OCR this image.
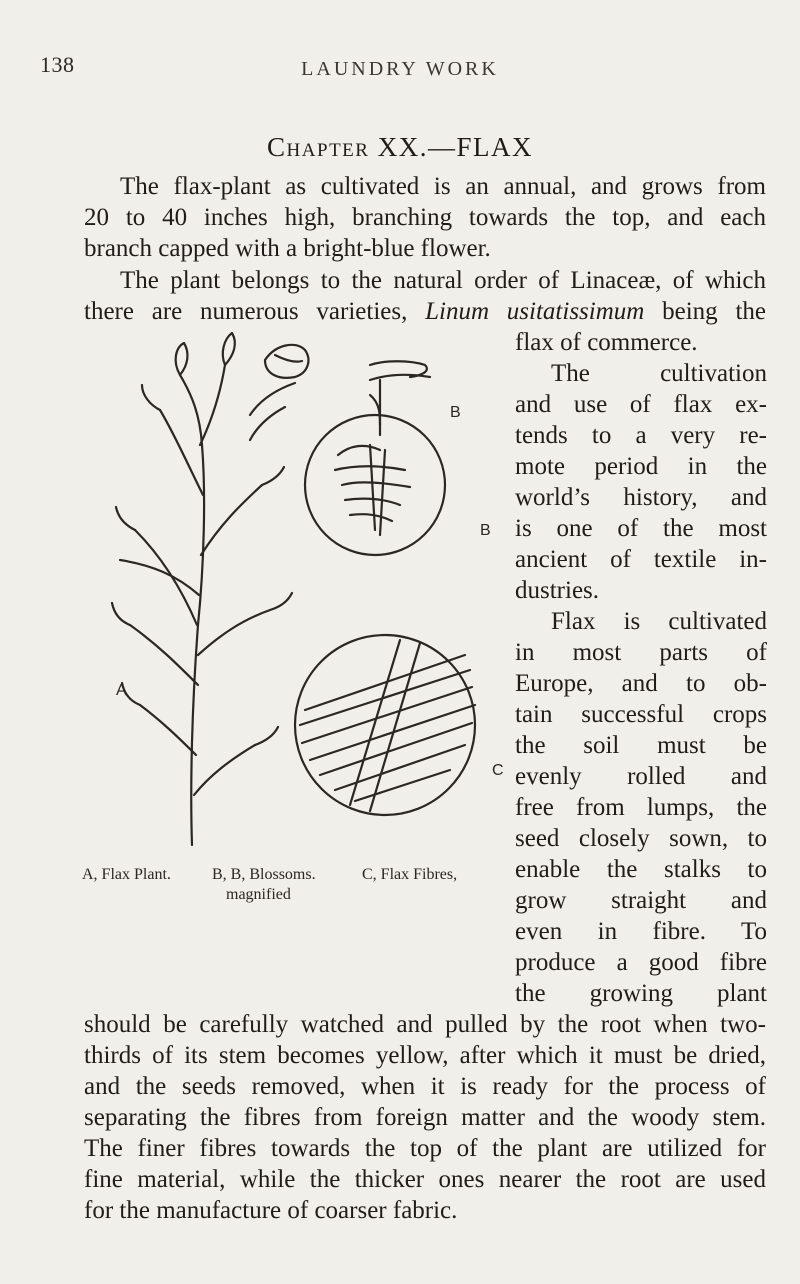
138	LAUNDRY WORK
Chapter XX.—FLAX
The flax-plant as cultivated is an annual, and grows from
20 to 40 inches high, branching towards the top, and each
branch capped with a bright-blue flower.
The plant belongs to the natural order of Linaceæ, of which
there are numerous varieties, Linum usitatissimum being the
flax of commerce.
The cultivation
and use of flax ex-
tends to a very re-
mote period in the
world’s history, and
is one of the most
ancient of textile in-
dustries.
Flax is cultivated
in most parts of
Europe, and to ob-
tain successful crops
the soil must be
evenly rolled and
free from lumps, the
seed closely sown, to
enable the stalks to
grow straight and
even in fibre. To
produce a good fibre
the growing plant
should be carefully watched and pulled by the root when two-
thirds of its stem becomes yellow, after which it must be dried,
and the seeds removed, when it is ready for the process of
separating the fibres from foreign matter and the woody stem.
The finer fibres towards the top of the plant are utilized for
fine material, while the thicker ones nearer the root are used
for the manufacture of coarser fabric.
A
B
B
C
A, Flax Plant.	B, B, Blossoms.
magnified
C, Flax Fibres,
